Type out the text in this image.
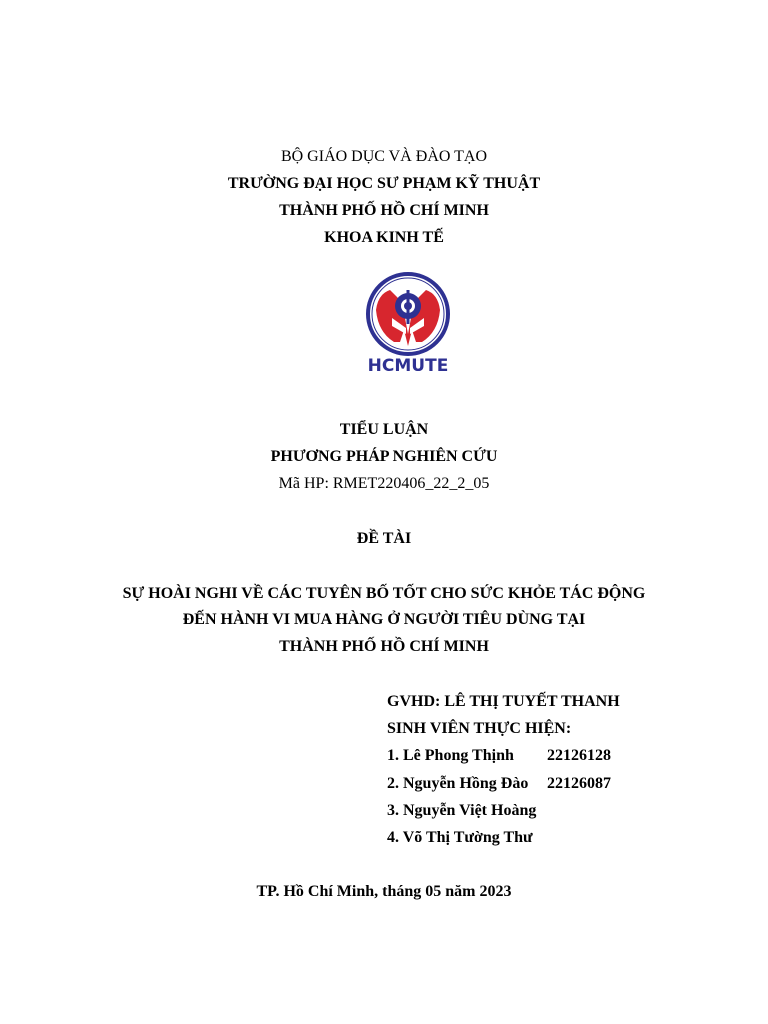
BỘ GIÁO DỤC VÀ ĐÀO TẠO
TRƯỜNG ĐẠI HỌC SƯ PHẠM KỸ THUẬT
THÀNH PHỐ HỒ CHÍ MINH
KHOA KINH TẾ
HCMUTE
TIỂU LUẬN
PHƯƠNG PHÁP NGHIÊN CỨU
Mã HP: RMET220406_22_2_05
ĐỀ TÀI
SỰ HOÀI NGHI VỀ CÁC TUYÊN BỐ TỐT CHO SỨC KHỎE TÁC ĐỘNG
ĐẾN HÀNH VI MUA HÀNG Ở NGƯỜI TIÊU DÙNG TẠI
THÀNH PHỐ HỒ CHÍ MINH
GVHD: LÊ THỊ TUYẾT THANH
SINH VIÊN THỰC HIỆN:
1. Lê Phong Thịnh 22126128
2. Nguyễn Hồng Đào 22126087
3. Nguyễn Việt Hoàng
4. Võ Thị Tường Thư
TP. Hồ Chí Minh, tháng 05 năm 2023
